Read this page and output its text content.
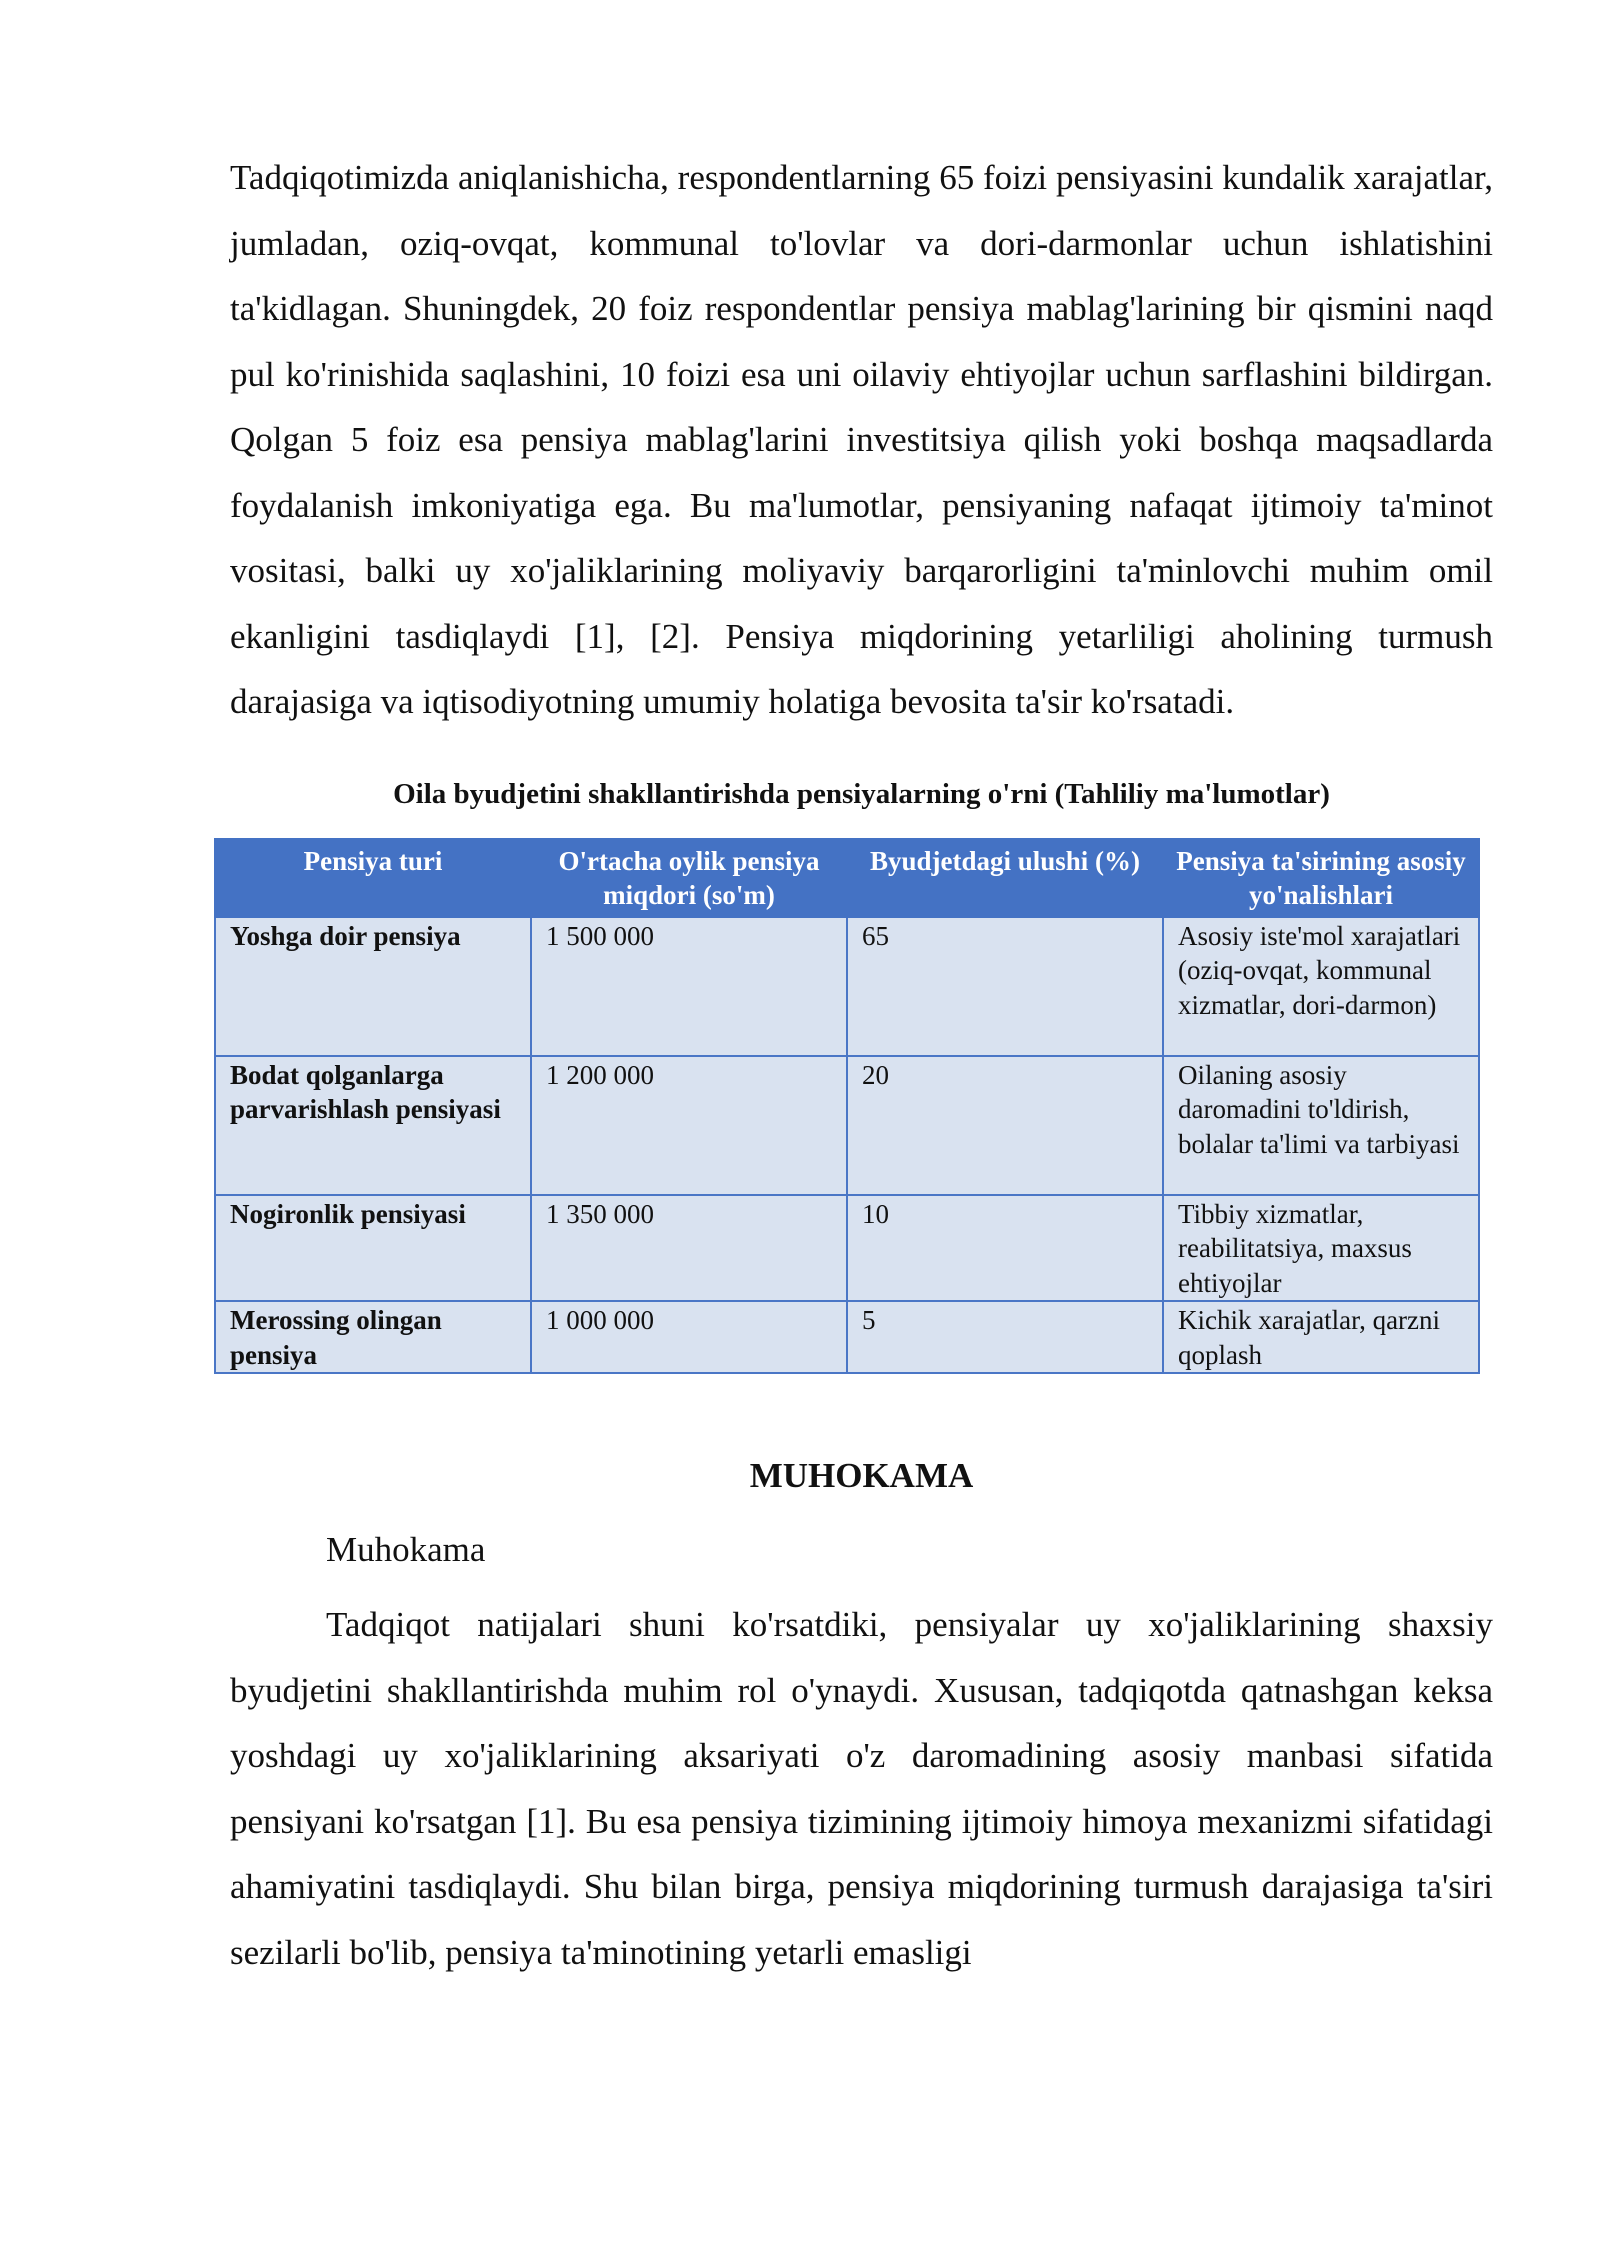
Tadqiqotimizda aniqlanishicha, respondentlarning 65 foizi pensiyasini kundalik xarajatlar, jumladan, oziq-ovqat, kommunal to'lovlar va dori-darmonlar uchun ishlatishini ta'kidlagan. Shuningdek, 20 foiz respondentlar pensiya mablag'larining bir qismini naqd pul ko'rinishida saqlashini, 10 foizi esa uni oilaviy ehtiyojlar uchun sarflashini bildirgan. Qolgan 5 foiz esa pensiya mablag'larini investitsiya qilish yoki boshqa maqsadlarda foydalanish imkoniyatiga ega. Bu ma'lumotlar, pensiyaning nafaqat ijtimoiy ta'minot vositasi, balki uy xo'jaliklarining moliyaviy barqarorligini ta'minlovchi muhim omil ekanligini tasdiqlaydi [1], [2]. Pensiya miqdorining yetarliligi aholining turmush darajasiga va iqtisodiyotning umumiy holatiga bevosita ta'sir ko'rsatadi.

Oila byudjetini shakllantirishda pensiyalarning o'rni (Tahliliy ma'lumotlar)
Pensiya turi	O'rtacha oylik pensiya miqdori (so'm)	Byudjetdagi ulushi (%)	Pensiya ta'sirining asosiy yo'nalishlari
Yoshga doir pensiya	1 500 000	65	Asosiy iste'mol xarajatlari (oziq-ovqat, kommunal xizmatlar, dori-darmon)
Bodat qolganlarga parvarishlash pensiyasi	1 200 000	20	Oilaning asosiy daromadini to'ldirish, bolalar ta'limi va tarbiyasi
Nogironlik pensiyasi	1 350 000	10	Tibbiy xizmatlar, reabilitatsiya, maxsus ehtiyojlar
Merossing olingan pensiya	1 000 000	5	Kichik xarajatlar, qarzni qoplash
MUHOKAMA
Muhokama

Tadqiqot natijalari shuni ko'rsatdiki, pensiyalar uy xo'jaliklarining shaxsiy byudjetini shakllantirishda muhim rol o'ynaydi. Xususan, tadqiqotda qatnashgan keksa yoshdagi uy xo'jaliklarining aksariyati o'z daromadining asosiy manbasi sifatida pensiyani ko'rsatgan [1]. Bu esa pensiya tizimining ijtimoiy himoya mexanizmi sifatidagi ahamiyatini tasdiqlaydi. Shu bilan birga, pensiya miqdorining turmush darajasiga ta'siri sezilarli bo'lib, pensiya ta'minotining yetarli emasligi
